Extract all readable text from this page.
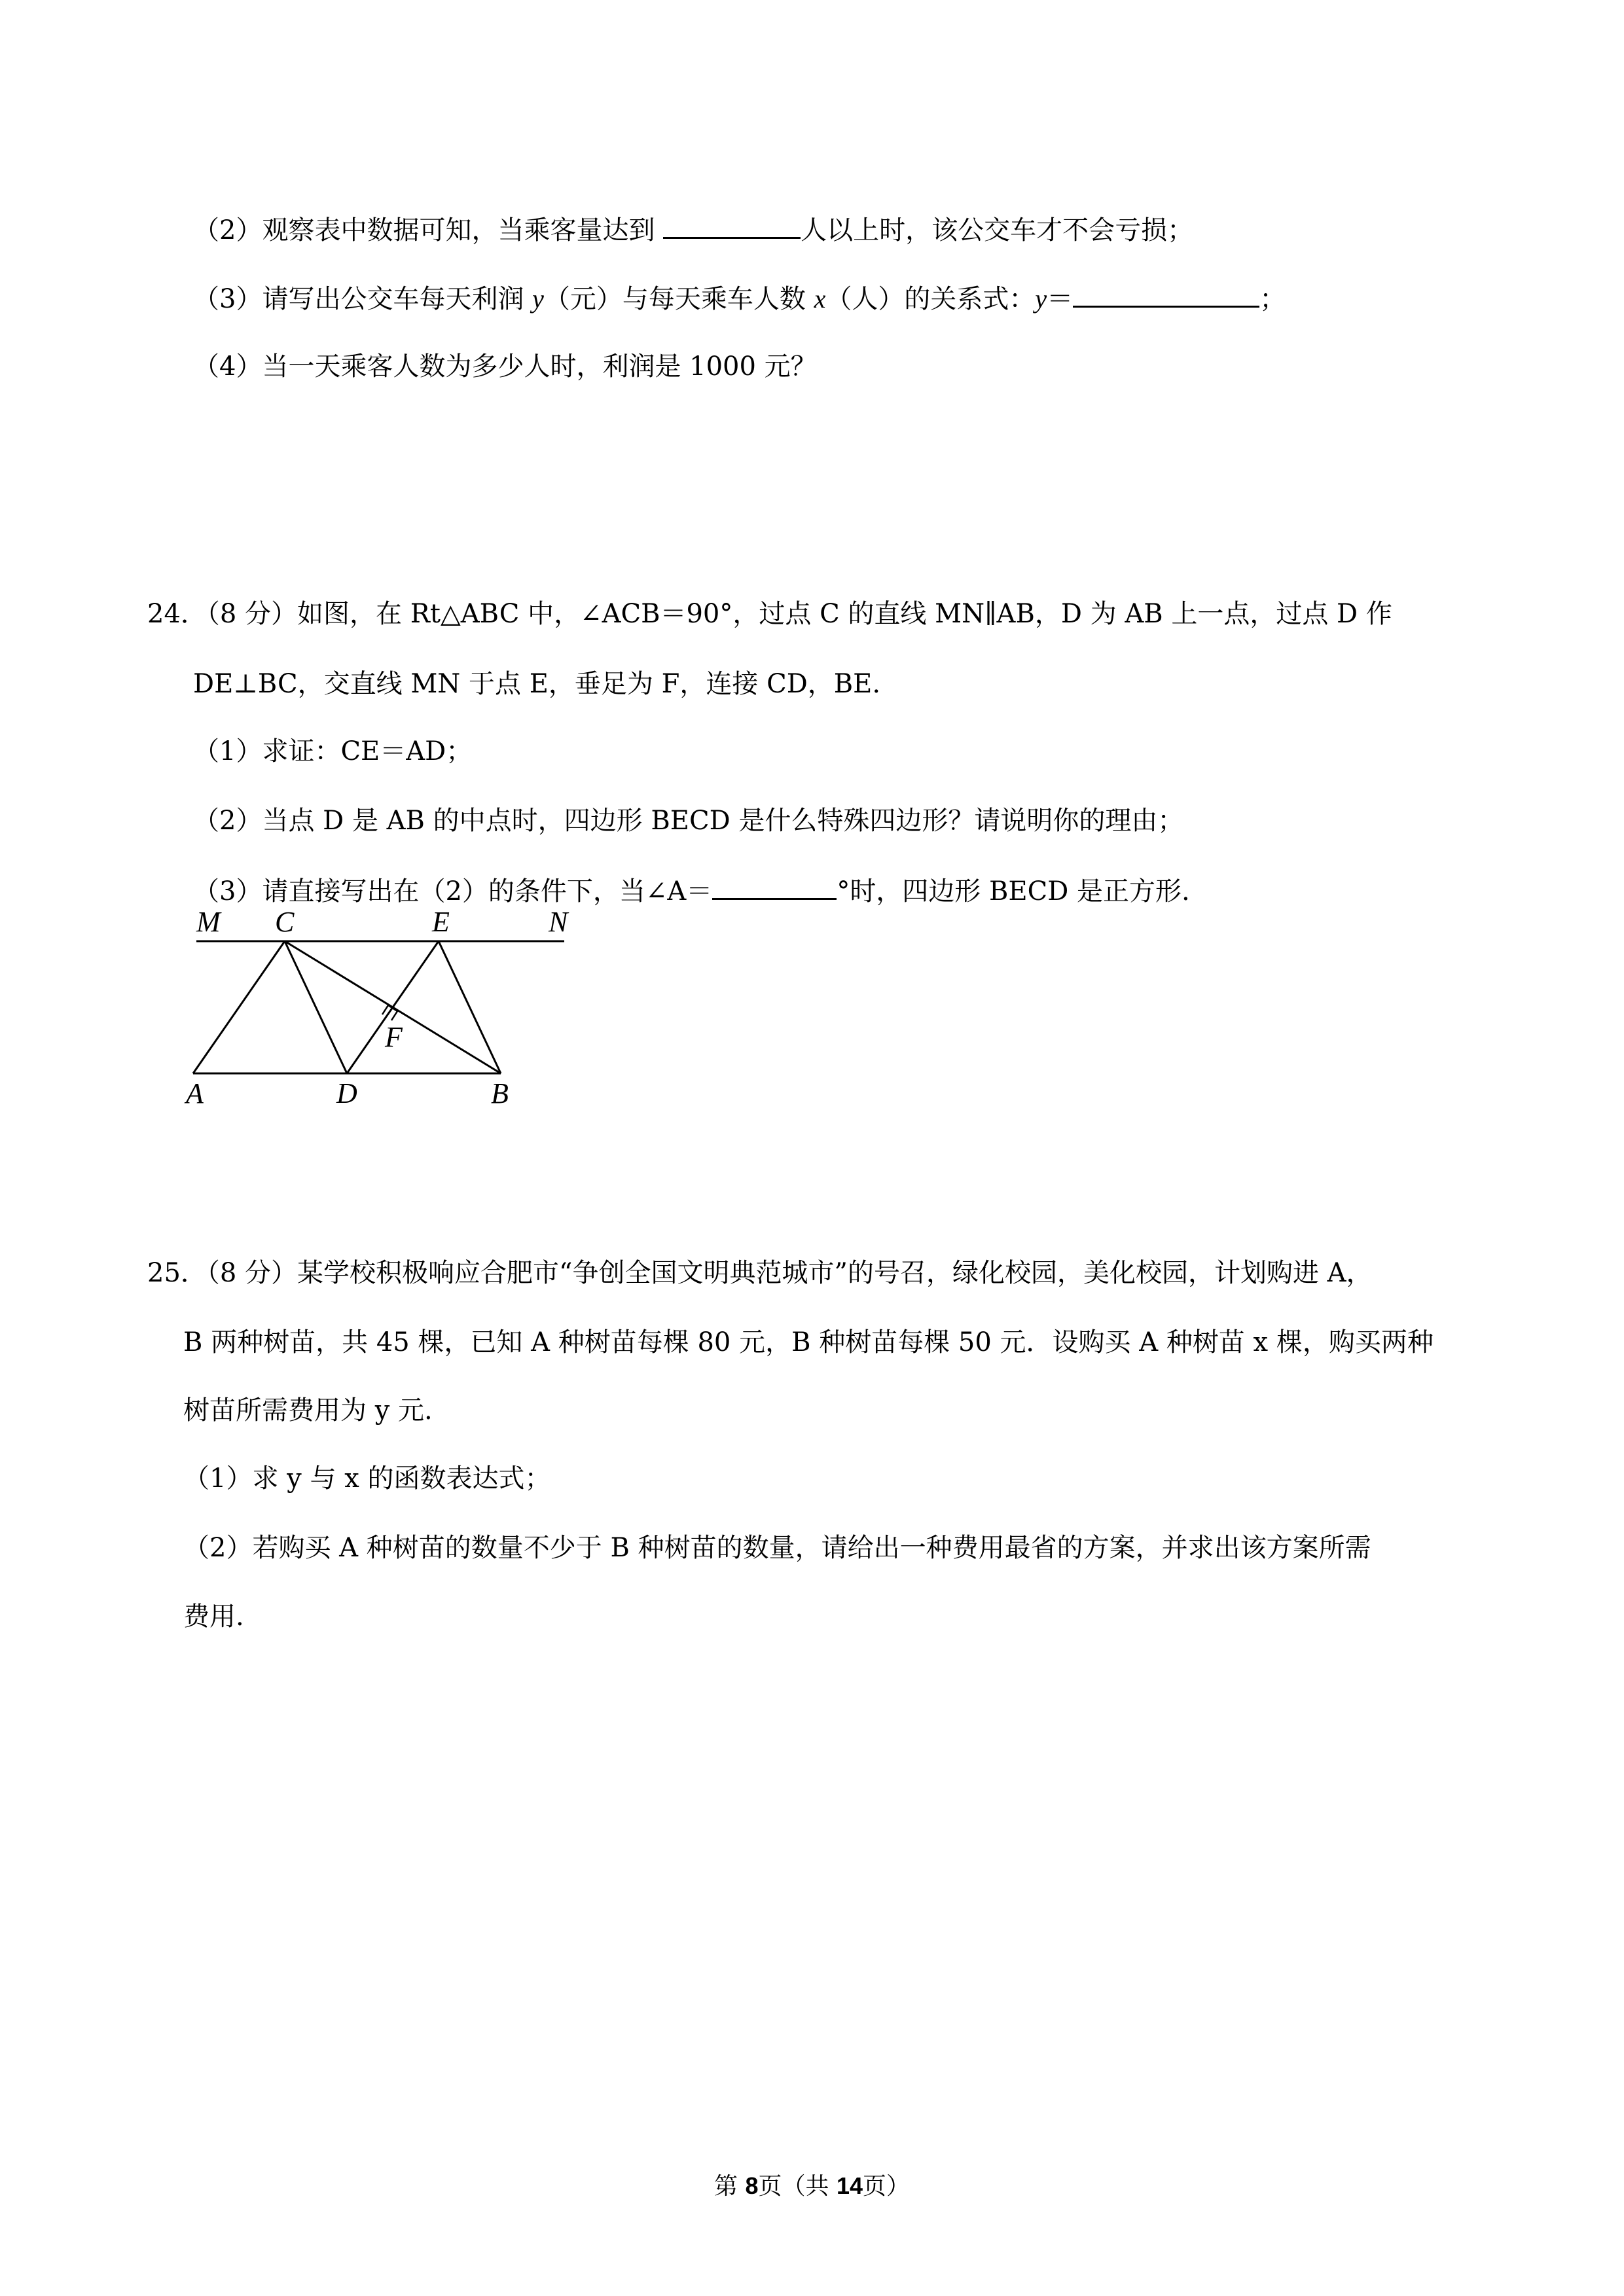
（2）观察表中数据可知，当乘客量达到	人以上时，该公交车才不会亏损；
（3）请写出公交车每天利润 y（元）与每天乘车人数 x（人）的关系式：y＝	；
（4）当一天乘客人数为多少人时，利润是 1000 元？
24．（8 分）如图，在 Rt△ABC 中，∠ACB＝90°，过点 C 的直线 MN∥AB，D 为 AB 上一点，过点 D 作
DE⊥BC，交直线 MN 于点 E，垂足为 F，连接 CD，BE.
（1）求证：CE＝AD；
（2）当点 D 是 AB 的中点时，四边形 BECD 是什么特殊四边形？请说明你的理由；
（3）请直接写出在（2）的条件下，当∠A＝	°时，四边形 BECD 是正方形.
M C	E	N
F
A	D	B
25．（8 分）某学校积极响应合肥市“争创全国文明典范城市”的号召，绿化校园，美化校园，计划购进 A，
B 两种树苗，共 45 棵，已知 A 种树苗每棵 80 元，B 种树苗每棵 50 元．设购买 A 种树苗 x 棵，购买两种
树苗所需费用为 y 元.
（1）求 y 与 x 的函数表达式；
（2）若购买 A 种树苗的数量不少于 B 种树苗的数量，请给出一种费用最省的方案，并求出该方案所需
费用.
第 8页（共 14页）
